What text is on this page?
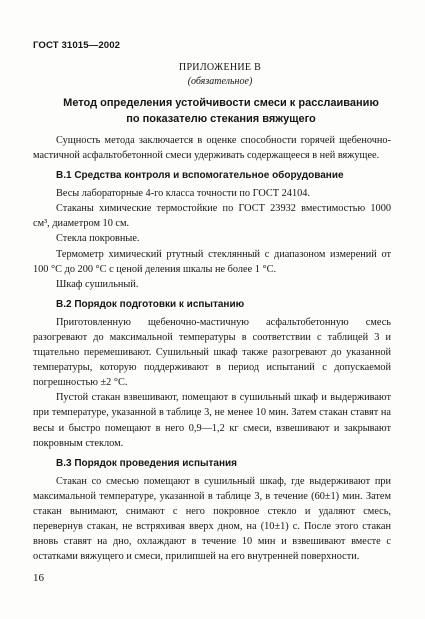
ГОСТ 31015—2002
ПРИЛОЖЕНИЕ В
(обязательное)
Метод определения устойчивости смеси к расслаиванию
по показателю стекания вяжущего

Сущность метода заключается в оценке способности горячей щебеночно-мастичной асфальтобетонной смеси удерживать содержащееся в ней вяжущее.

В.1 Средства контроля и вспомогательное оборудование

Весы лабораторные 4-го класса точности по ГОСТ 24104.

Стаканы химические термостойкие по ГОСТ 23932 вместимостью 1000 см³, диаметром 10 см.

Стекла покровные.

Термометр химический ртутный стеклянный с диапазоном измерений от 100 °С до 200 °С с ценой деления шкалы не более 1 °С.

Шкаф сушильный.

В.2 Порядок подготовки к испытанию

Приготовленную щебеночно-мастичную асфальтобетонную смесь разогревают до максимальной температуры в соответствии с таблицей 3 и тщательно перемешивают. Сушильный шкаф также разогревают до указанной температуры, которую поддерживают в период испытаний с допускаемой погрешностью ±2 °С.

Пустой стакан взвешивают, помещают в сушильный шкаф и выдерживают при температуре, указанной в таблице 3, не менее 10 мин. Затем стакан ставят на весы и быстро помещают в него 0,9—1,2 кг смеси, взвешивают и закрывают покровным стеклом.

В.3 Порядок проведения испытания

Стакан со смесью помещают в сушильный шкаф, где выдерживают при максимальной температуре, указанной в таблице 3, в течение (60±1) мин. Затем стакан вынимают, снимают с него покровное стекло и удаляют смесь, перевернув стакан, не встряхивая вверх дном, на (10±1) с. После этого стакан вновь ставят на дно, охлаждают в течение 10 мин и взвешивают вместе с остатками вяжущего и смеси, прилипшей на его внутренней поверхности.

16
